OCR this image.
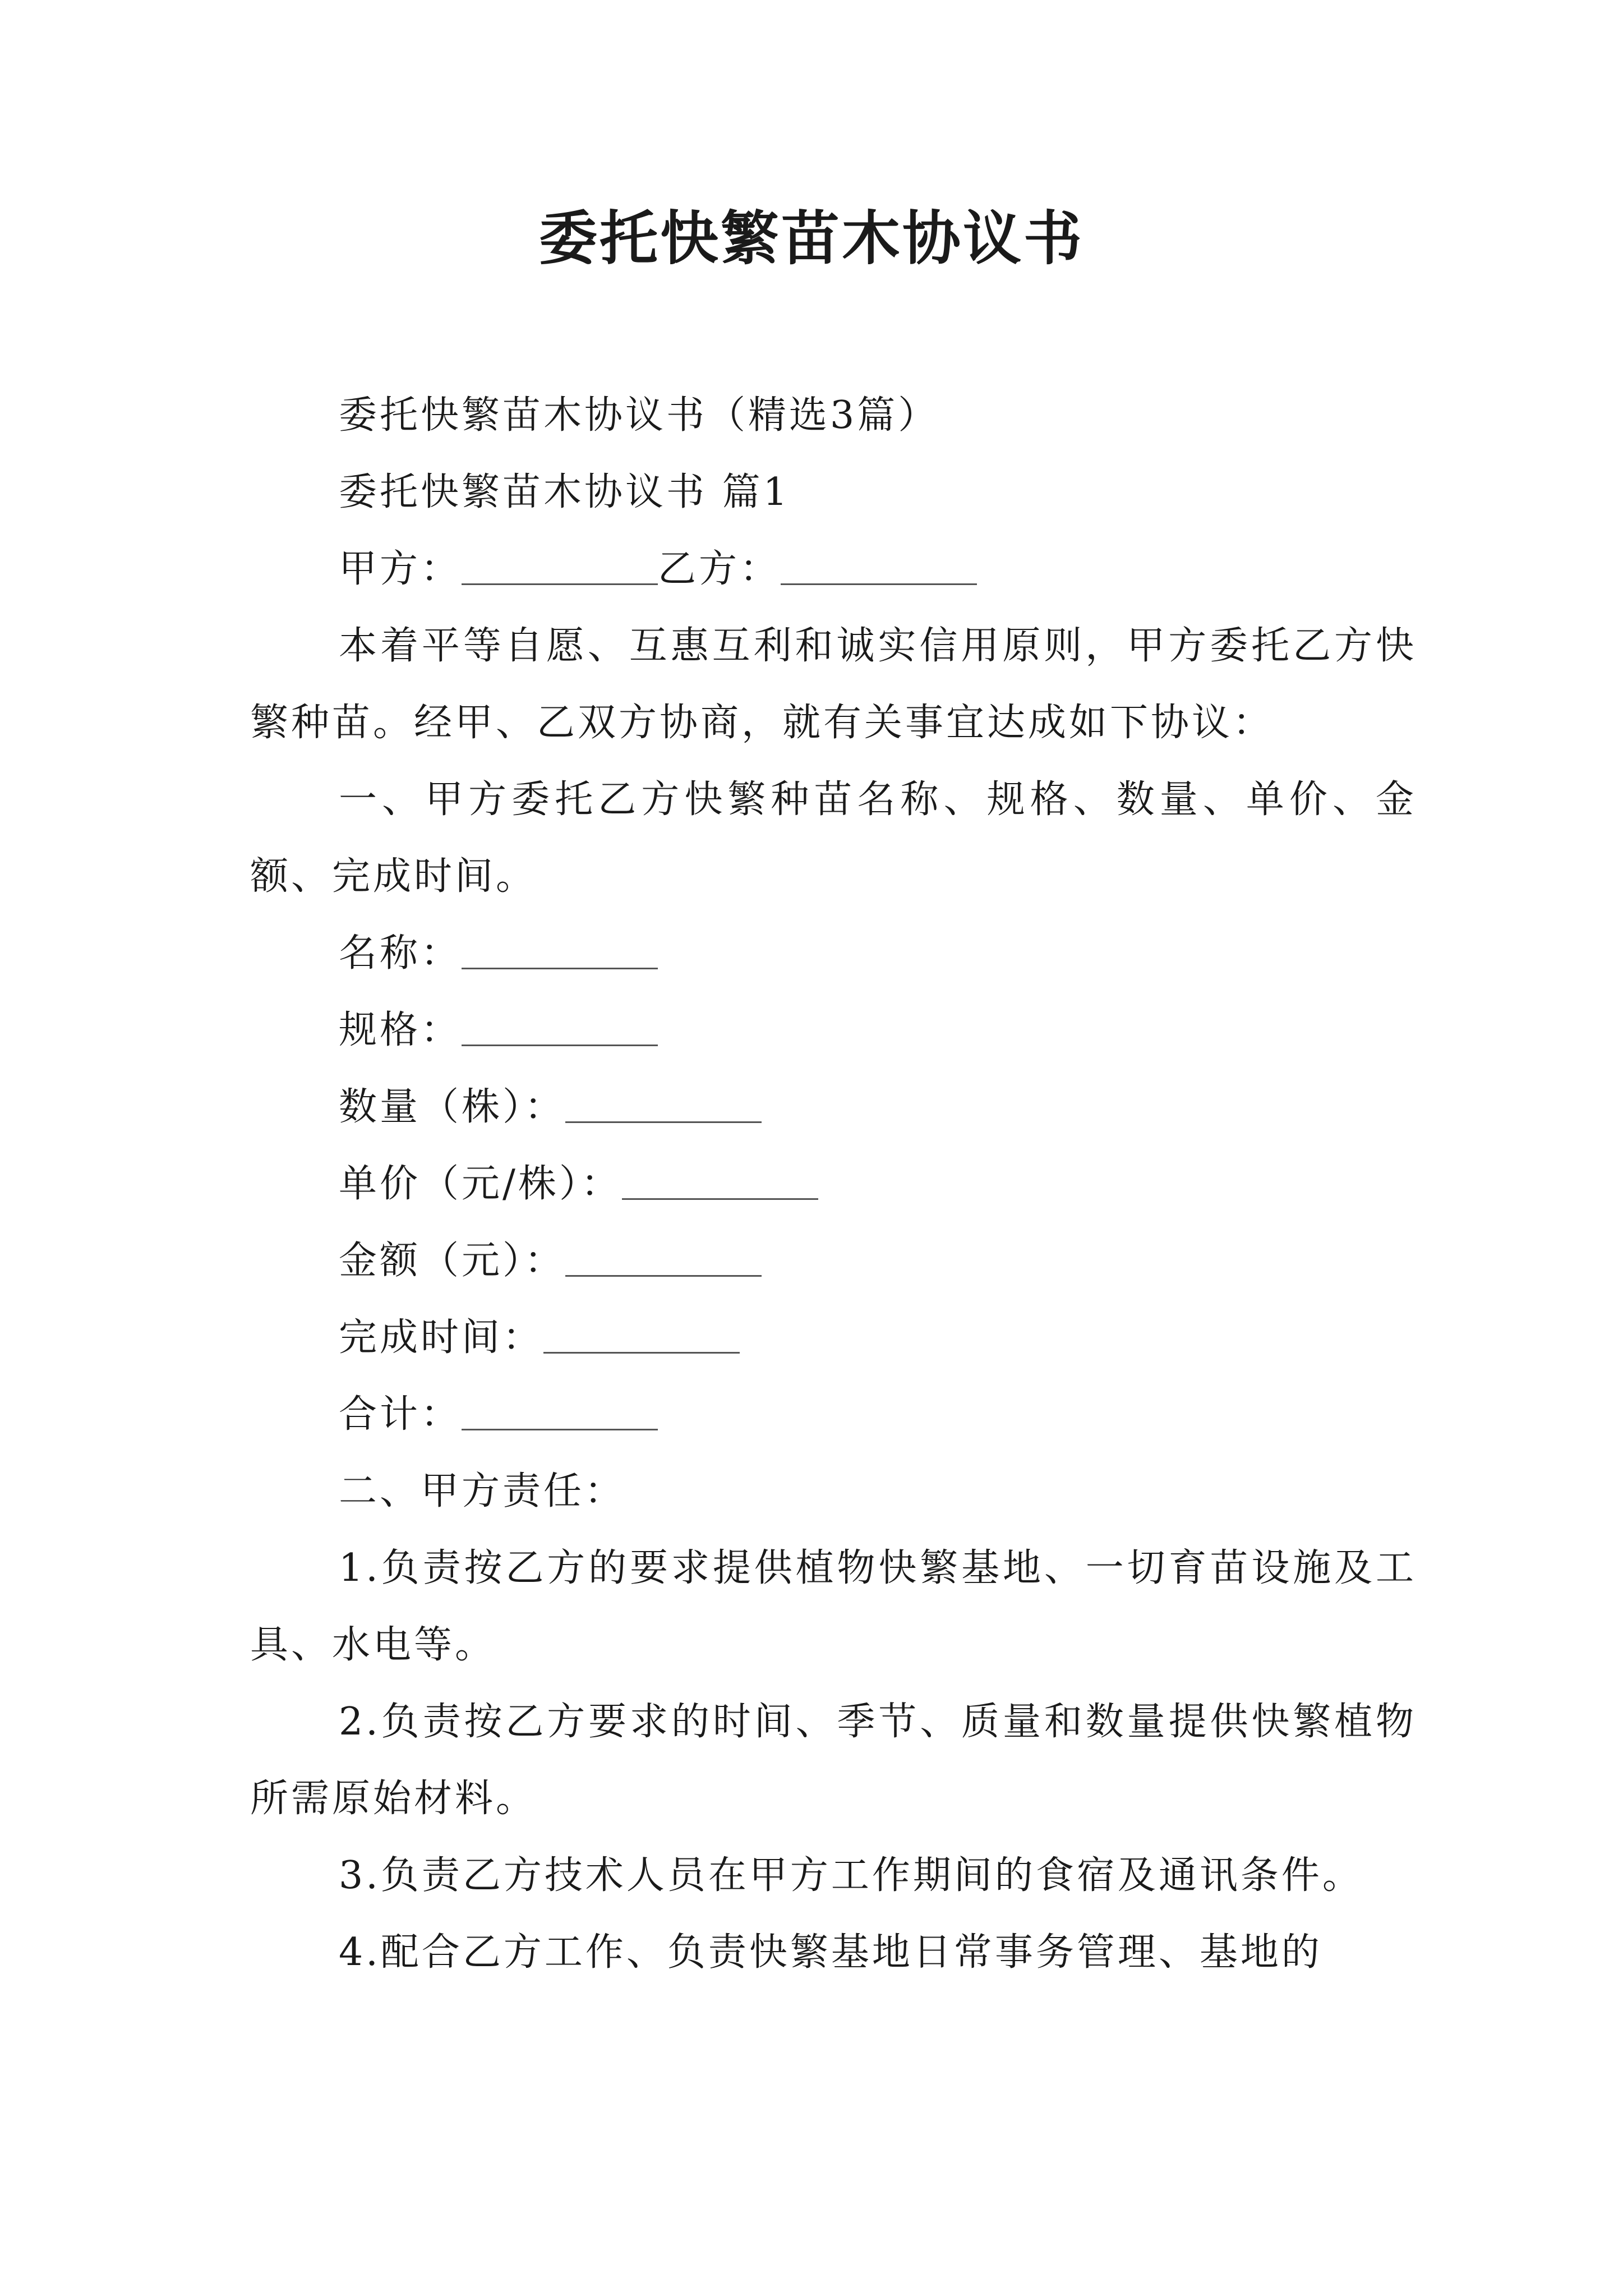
委托快繁苗木协议书

委托快繁苗木协议书（精选3篇）

委托快繁苗木协议书 篇1

甲方：	乙方：

本着平等自愿、互惠互利和诚实信用原则，甲方委托乙方快繁种苗。经甲、乙双方协商，就有关事宜达成如下协议：

一、甲方委托乙方快繁种苗名称、规格、数量、单价、金额、完成时间。

名称：

规格：

数量（株）：

单价（元/株）：

金额（元）：

完成时间：

合计：

二、甲方责任：

1.负责按乙方的要求提供植物快繁基地、一切育苗设施及工具、水电等。

2.负责按乙方要求的时间、季节、质量和数量提供快繁植物所需原始材料。

3.负责乙方技术人员在甲方工作期间的食宿及通讯条件。

4.配合乙方工作、负责快繁基地日常事务管理、基地的
